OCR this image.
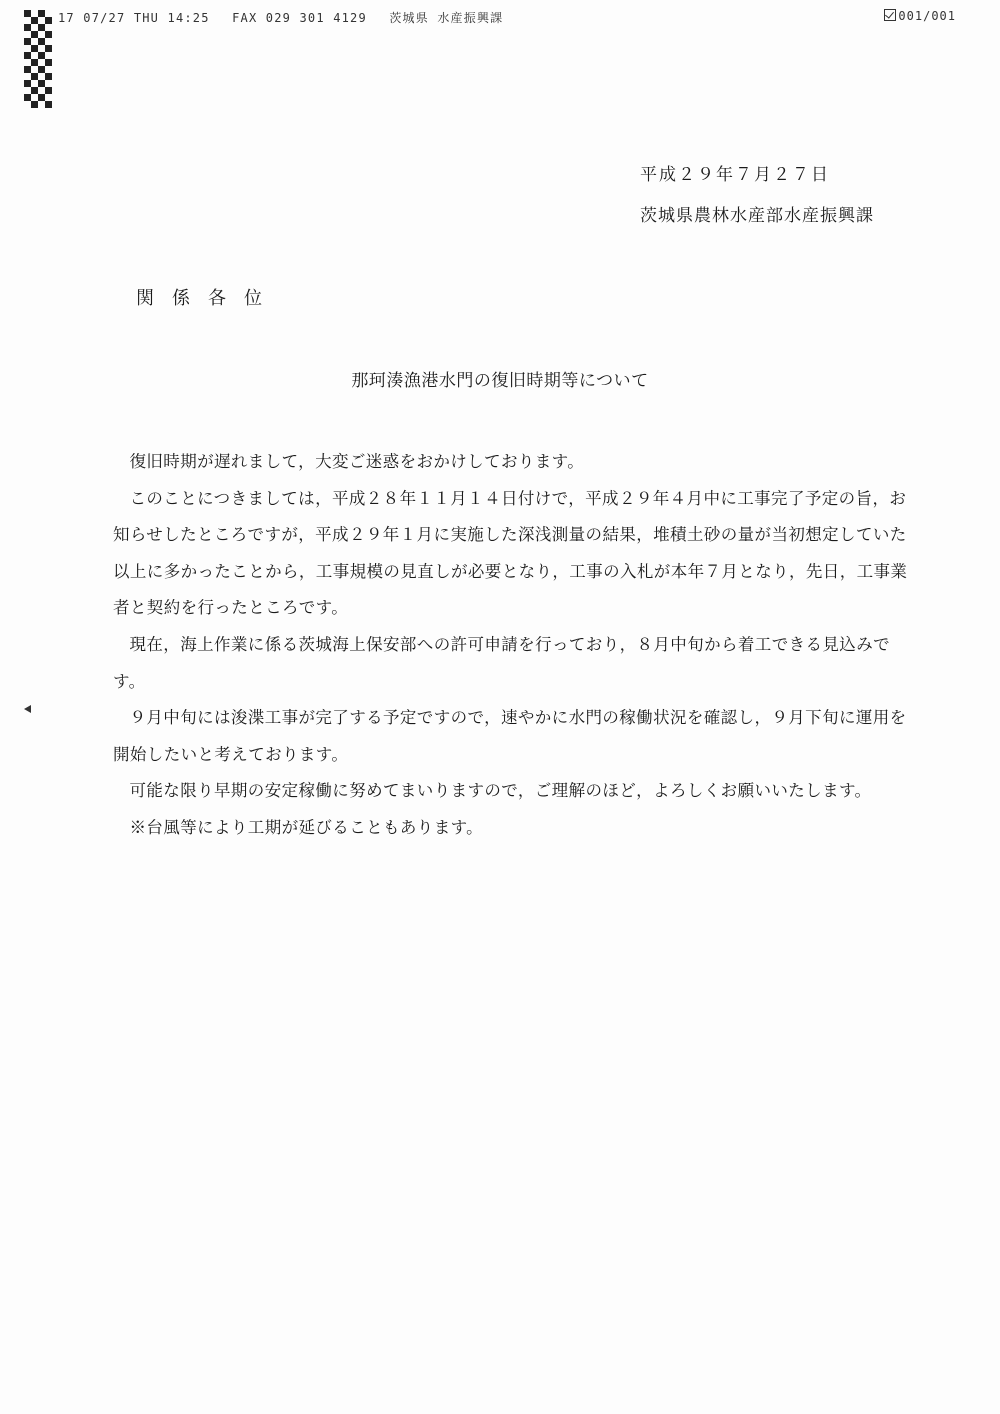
17 07/27 THU 14:25 FAX 029 301 4129 茨城県 水産振興課	001/001
平成２９年７月２７日
茨城県農林水産部水産振興課
関係各位
那珂湊漁港水門の復旧時期等について

復旧時期が遅れまして，大変ご迷惑をおかけしております。

このことにつきましては，平成２８年１１月１４日付けで，平成２９年４月中に工事完了予定の旨，お知らせしたところですが，平成２９年１月に実施した深浅測量の結果，堆積土砂の量が当初想定していた以上に多かったことから，工事規模の見直しが必要となり，工事の入札が本年７月となり，先日，工事業者と契約を行ったところです。

現在，海上作業に係る茨城海上保安部への許可申請を行っており，８月中旬から着工できる見込みです。

９月中旬には浚渫工事が完了する予定ですので，速やかに水門の稼働状況を確認し，９月下旬に運用を開始したいと考えております。

可能な限り早期の安定稼働に努めてまいりますので，ご理解のほど，よろしくお願いいたします。

※台風等により工期が延びることもあります。
